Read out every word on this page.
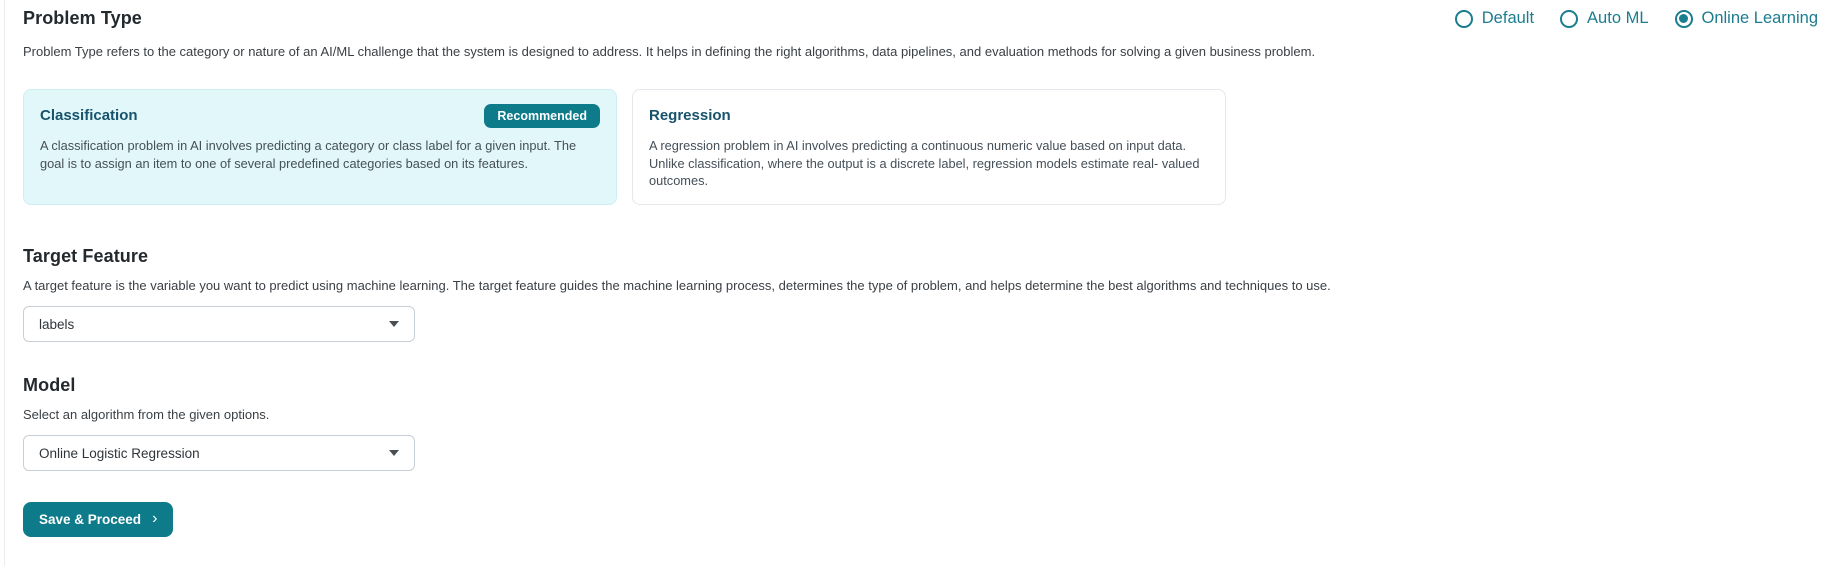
Problem Type	Default	Auto ML	Online Learning
Problem Type refers to the category or nature of an AI/ML challenge that the system is designed to address. It helps in defining the right algorithms, data pipelines, and evaluation methods for solving a given business problem.
Classification	Recommended
A classification problem in AI involves predicting a category or class label for a given input. The goal is to assign an item to one of several predefined categories based on its features.
Regression
A regression problem in AI involves predicting a continuous numeric value based on input data. Unlike classification, where the output is a discrete label, regression models estimate real- valued outcomes.
Target Feature
A target feature is the variable you want to predict using machine learning. The target feature guides the machine learning process, determines the type of problem, and helps determine the best algorithms and techniques to use.
labels
Model
Select an algorithm from the given options.
Online Logistic Regression
Save & Proceed ›
